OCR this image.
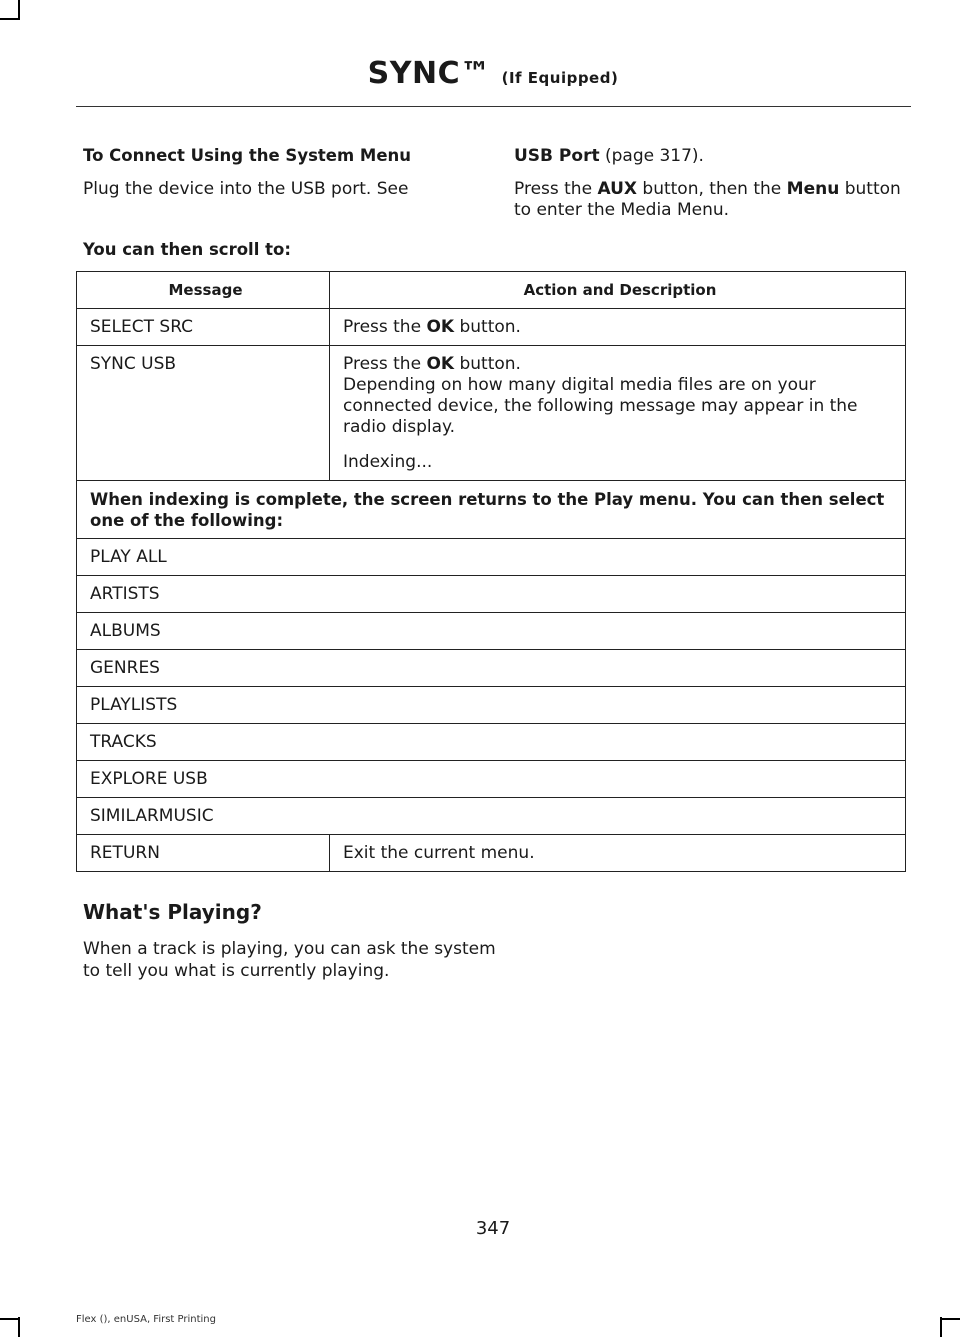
SYNC™ (If Equipped)
To Connect Using the System Menu
Plug the device into the USB port. See
USB Port (page 317).
Press the AUX button, then the Menu button to enter the Media Menu.
You can then scroll to:
Message	Action and Description
SELECT SRC	Press the OK button.
SYNC USB	Press the OK button.
Depending on how many digital media files are on your connected device, the following message may appear in the radio display.
Indexing...

When indexing is complete, the screen returns to the Play menu. You can then select one of the following:	
PLAY ALL	
ARTISTS	
ALBUMS	
GENRES	
PLAYLISTS	
TRACKS	
EXPLORE USB	
SIMILARMUSIC	
RETURN	Exit the current menu.
What's Playing?
When a track is playing, you can ask the system to tell you what is currently playing.
347
Flex (), enUSA, First Printing
